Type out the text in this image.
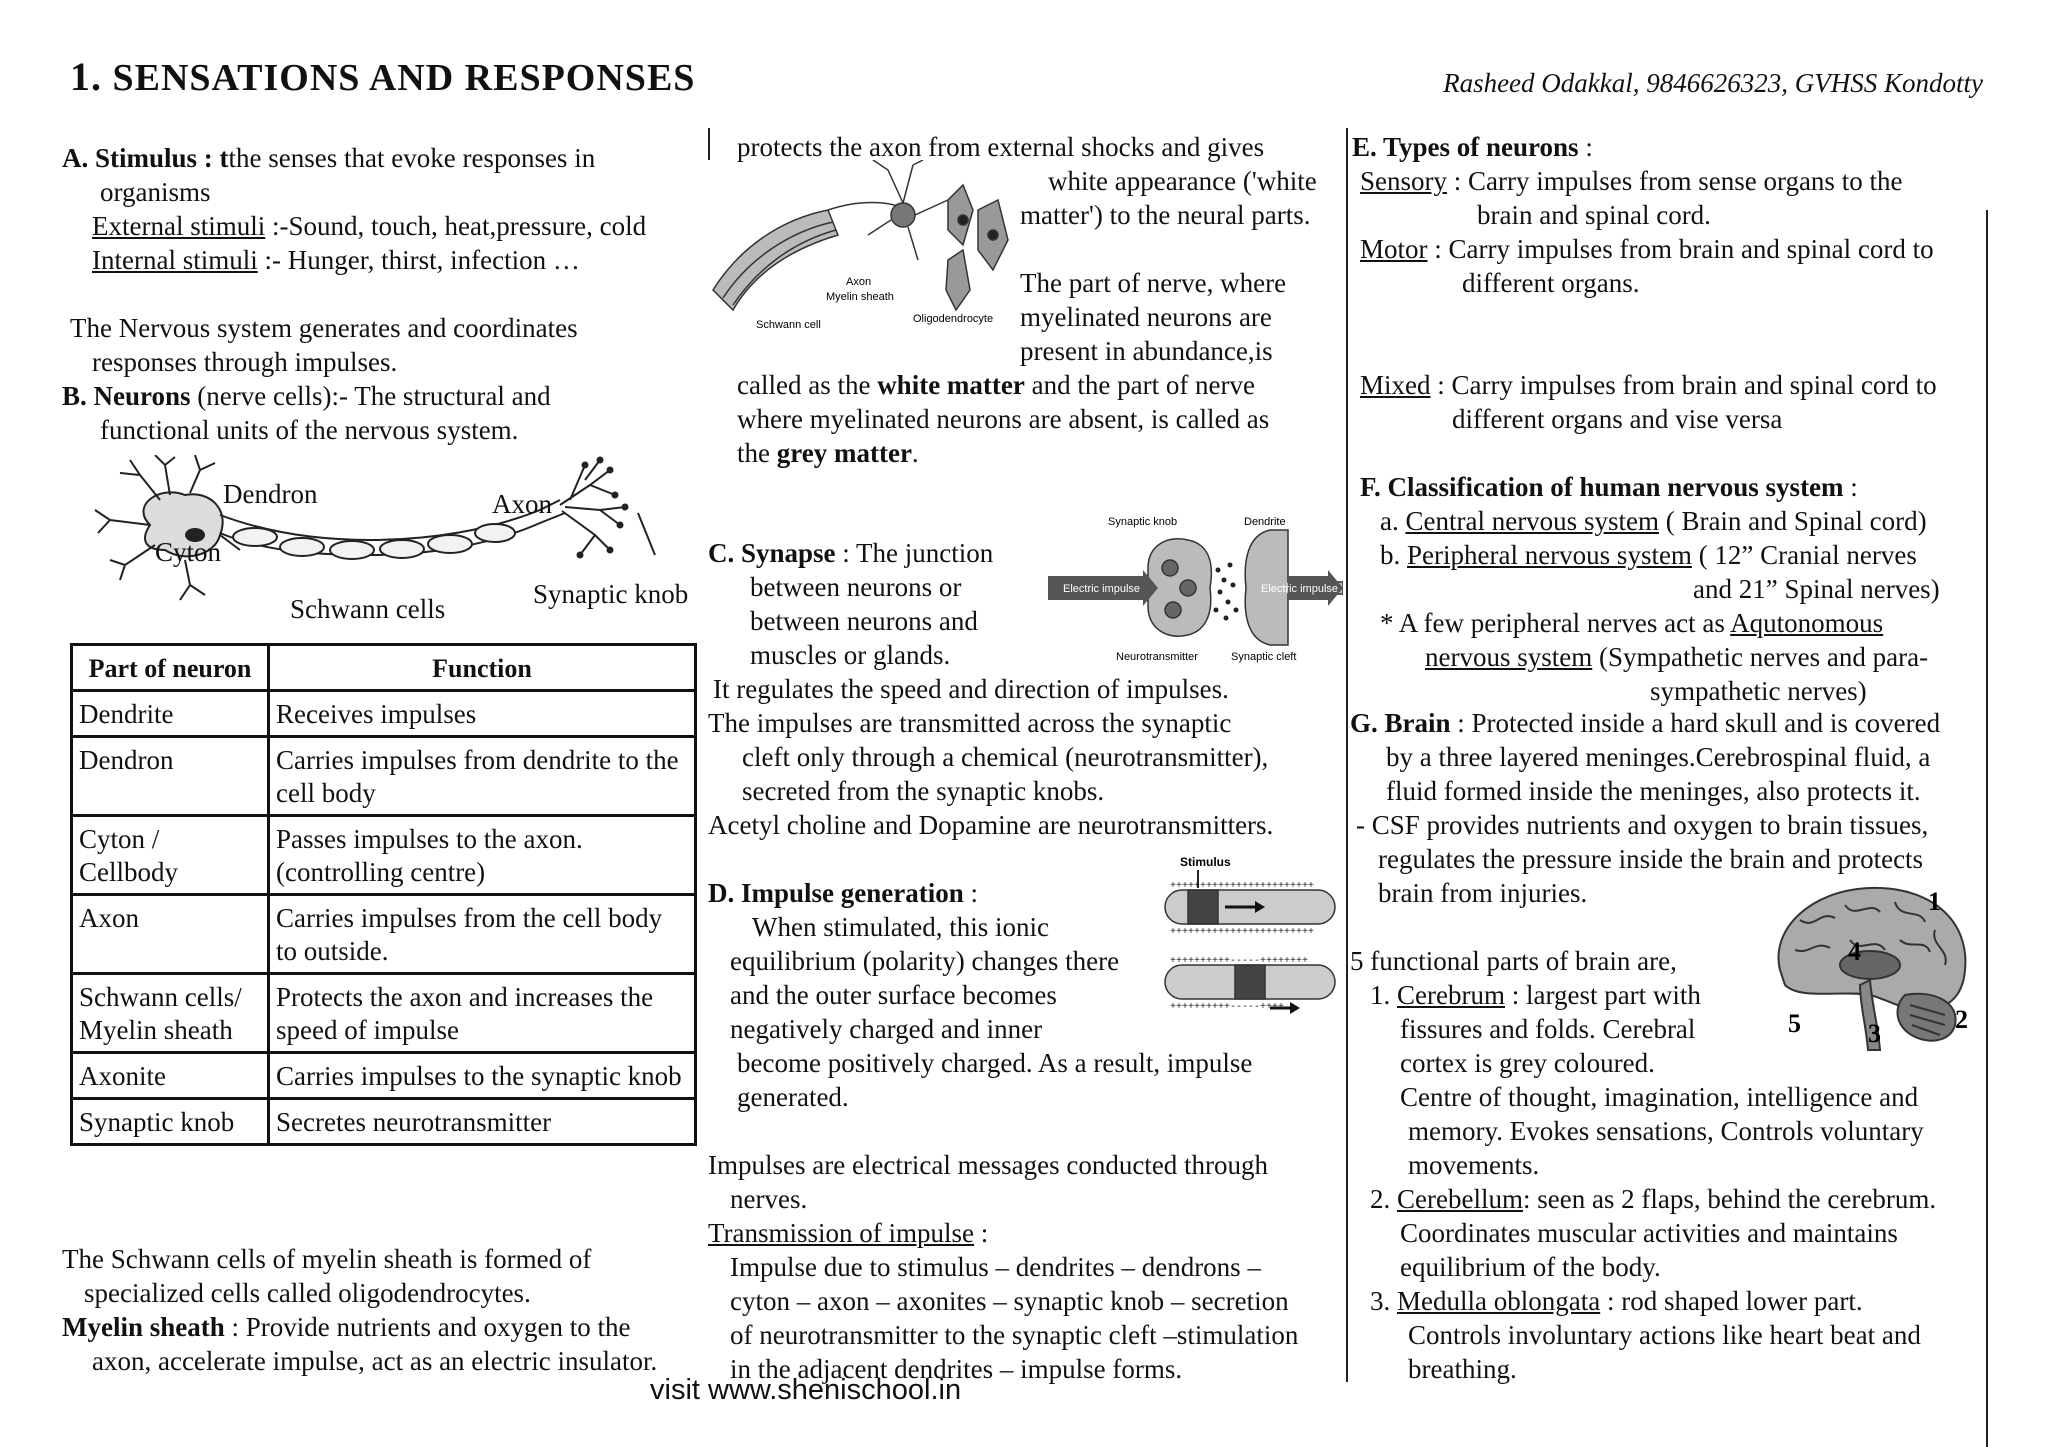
1. SENSATIONS AND RESPONSES	Rasheed Odakkal, 9846626323, GVHSS Kondotty

A. Stimulus : tthe senses that evoke responses in

organisms

External stimuli :-Sound, touch, heat,pressure, cold

Internal stimuli :- Hunger, thirst, infection …

The Nervous system generates and coordinates

responses through impulses.

B. Neurons (nerve cells):- The structural and

functional units of the nervous system.

Dendron	Axon
Cyton
Synaptic knob
Schwann cells
Part of neuron	Function
Dendrite	Receives impulses
Dendron	Carries impulses from dendrite to the cell body
Cyton / Cellbody	Passes impulses to the axon. (controlling centre)
Axon	Carries impulses from the cell body to outside.
Schwann cells/ Myelin sheath	Protects the axon and increases the speed of impulse
Axonite	Carries impulses to the synaptic knob
Synaptic knob	Secretes neurotransmitter

The Schwann cells of myelin sheath is formed of

specialized cells called oligodendrocytes.

Myelin sheath : Provide nutrients and oxygen to the

axon, accelerate impulse, act as an electric insulator.

protects the axon from external shocks and gives
white appearance ('white
matter') to the neural parts.
The part of nerve, where
myelinated neurons are
present in abundance,is
called as the white matter and the part of nerve
where myelinated neurons are absent, is called as
the grey matter.
Axon
Myelin sheath
Schwann cell	Oligodendrocyte
C. Synapse : The junction
between neurons or
between neurons and
muscles or glands.
Electric impulse	Electric impulse
Synaptic knob	Dendrite
Neurotransmitter	Synaptic cleft
It regulates the speed and direction of impulses.
The impulses are transmitted across the synaptic
cleft only through a chemical (neurotransmitter),
secreted from the synaptic knobs.
Acetyl choline and Dopamine are neurotransmitters.
D. Impulse generation :
When stimulated, this ionic
equilibrium (polarity) changes there
and the outer surface becomes
negatively charged and inner
become positively charged. As a result, impulse
generated.
Stimulus
++++++++++++++++++++++++
++++++++++++++++++++++++
++++++++++-----++++++++
++++++++++-----++++
Impulses are electrical messages conducted through
nerves.
Transmission of impulse :
Impulse due to stimulus – dendrites – dendrons –
cyton – axon – axonites – synaptic knob – secretion
of neurotransmitter to the synaptic cleft –stimulation
in the adjacent dendrites – impulse forms.
E. Types of neurons :
Sensory : Carry impulses from sense organs to the
brain and spinal cord.
Motor : Carry impulses from brain and spinal cord to
different organs.
Mixed : Carry impulses from brain and spinal cord to
different organs and vise versa
F. Classification of human nervous system :
a. Central nervous system ( Brain and Spinal cord)
b. Peripheral nervous system ( 12” Cranial nerves
and 21” Spinal nerves)
* A few peripheral nerves act as Aqutonomous
nervous system (Sympathetic nerves and para-
sympathetic nerves)
G. Brain : Protected inside a hard skull and is covered
by a three layered meninges.Cerebrospinal fluid, a
fluid formed inside the meninges, also protects it.
- CSF provides nutrients and oxygen to brain tissues,
regulates the pressure inside the brain and protects
brain from injuries.	1
2
3
4
5
5 functional parts of brain are,
1. Cerebrum : largest part with
fissures and folds. Cerebral
cortex is grey coloured.
Centre of thought, imagination, intelligence and
memory. Evokes sensations, Controls voluntary
movements.
2. Cerebellum: seen as 2 flaps, behind the cerebrum.
Coordinates muscular activities and maintains
equilibrium of the body.
3. Medulla oblongata : rod shaped lower part.
Controls involuntary actions like heart beat and
breathing.
visit www.shenischool.in
